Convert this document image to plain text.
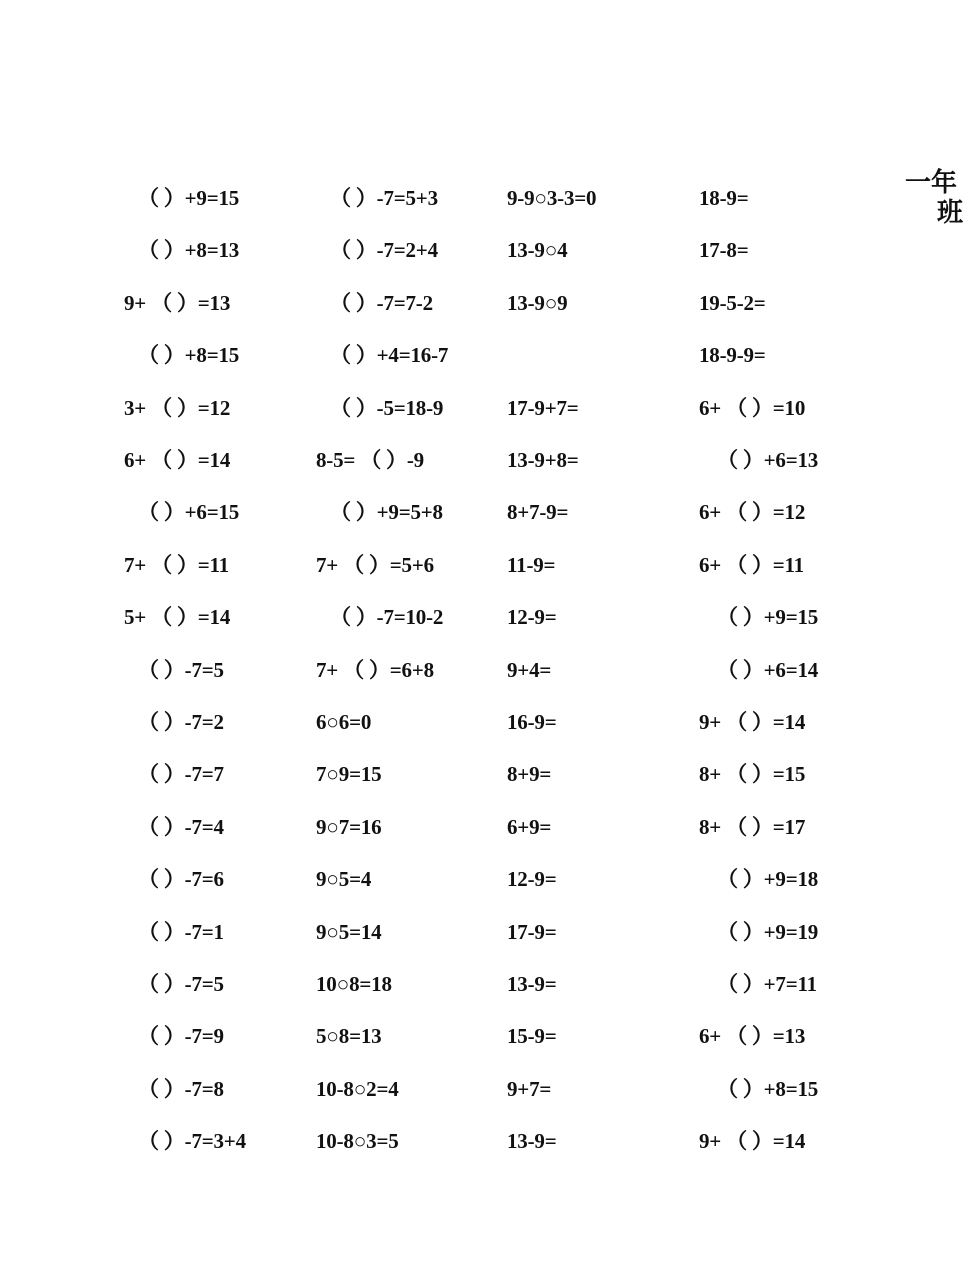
一年
班
（ ）+9=15
（ ）+8=13
9+ （ ）=13
（ ）+8=15
3+ （ ）=12
6+ （ ）=14
（ ）+6=15
7+ （ ）=11
5+ （ ）=14
（ ）-7=5
（ ）-7=2
（ ）-7=7
（ ）-7=4
（ ）-7=6
（ ）-7=1
（ ）-7=5
（ ）-7=9
（ ）-7=8
（ ）-7=3+4
（ ）-7=5+3
（ ）-7=2+4
（ ）-7=7-2
（ ）+4=16-7
（ ）-5=18-9
8-5= （ ）-9
（ ）+9=5+8
7+ （ ）=5+6
（ ）-7=10-2
7+ （ ）=6+8
6○6=0
7○9=15
9○7=16
9○5=4
9○5=14
10○8=18
5○8=13
10-8○2=4
10-8○3=5
9-9○3-3=0
13-9○4
13-9○9
17-9+7=
13-9+8=
8+7-9=
11-9=
12-9=
9+4=
16-9=
8+9=
6+9=
12-9=
17-9=
13-9=
15-9=
9+7=
13-9=
18-9=
17-8=
19-5-2=
18-9-9=
6+ （ ）=10
（ ）+6=13
6+ （ ）=12
6+ （ ）=11
（ ）+9=15
（ ）+6=14
9+ （ ）=14
8+ （ ）=15
8+ （ ）=17
（ ）+9=18
（ ）+9=19
（ ）+7=11
6+ （ ）=13
（ ）+8=15
9+ （ ）=14
